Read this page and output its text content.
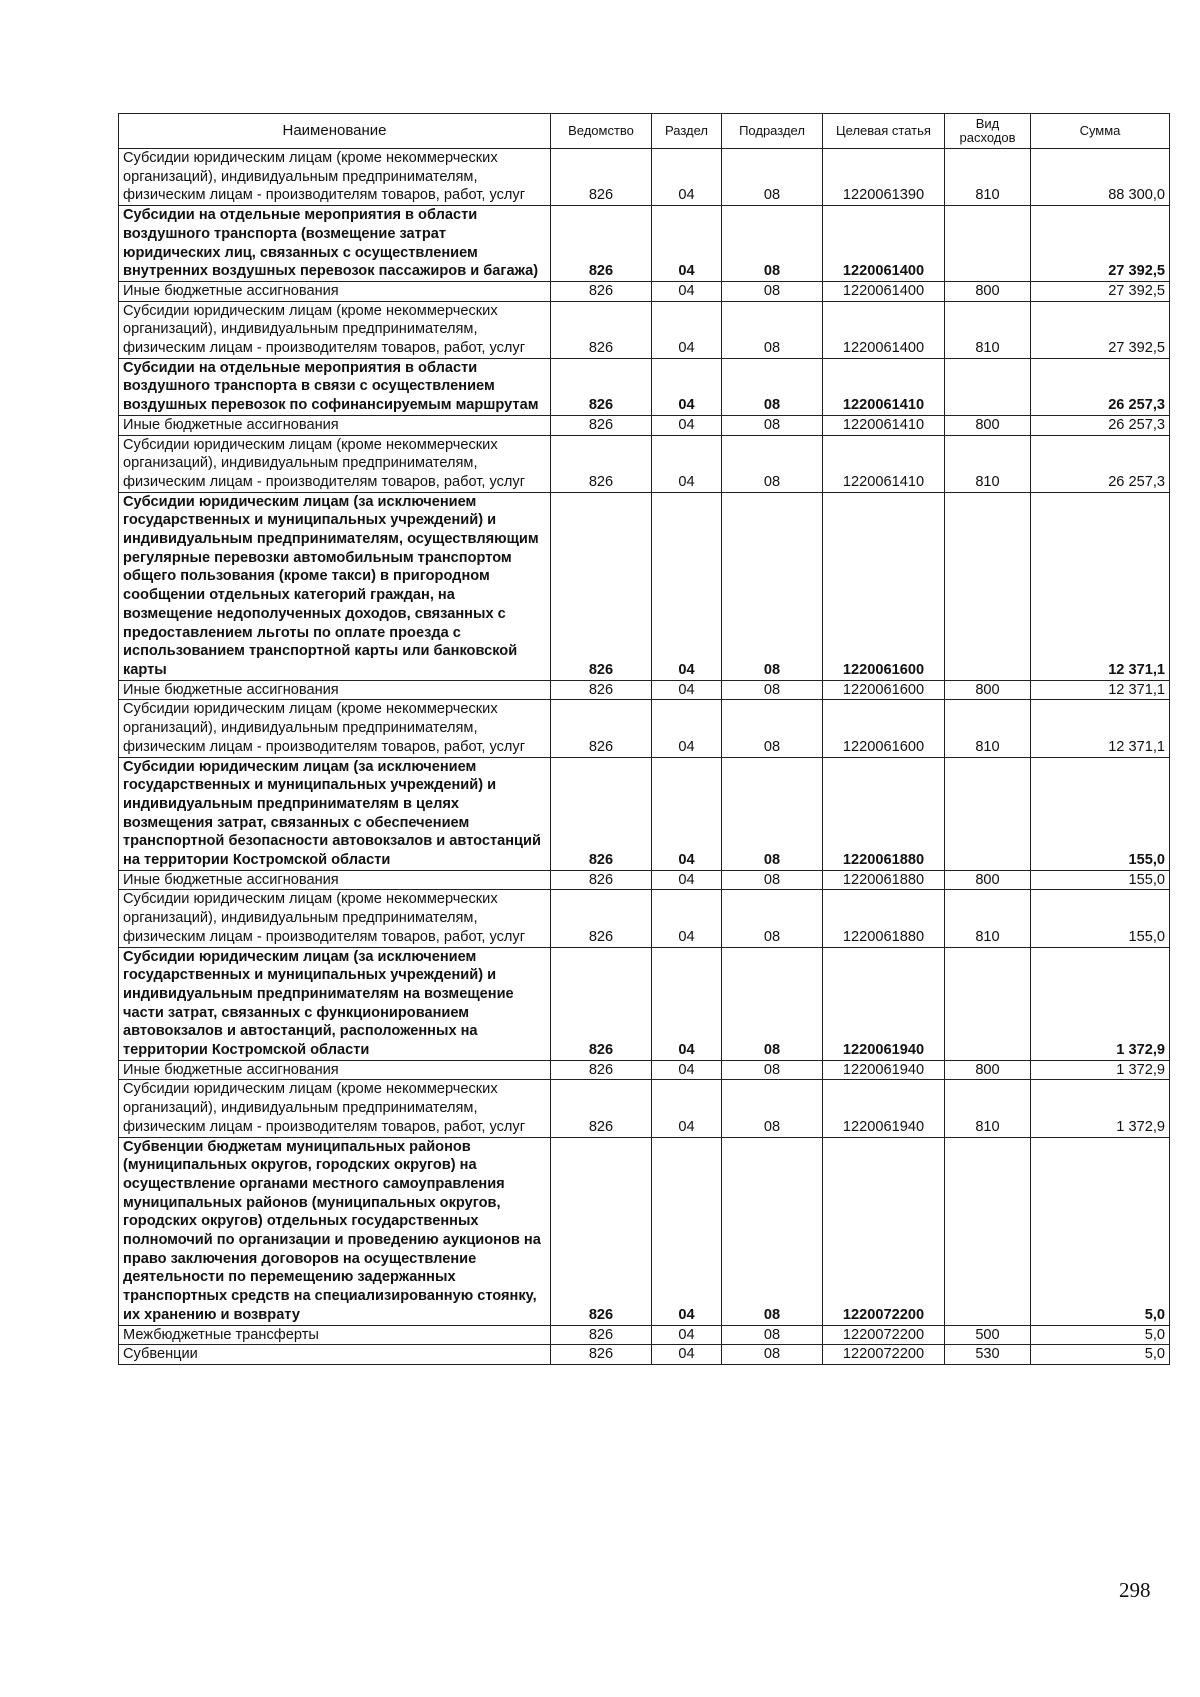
Наименование	Ведомство	Раздел	Подраздел	Целевая статья	Вид расходов	Сумма
Субсидии юридическим лицам (кроме некоммерческих организаций), индивидуальным предпринимателям, физическим лицам - производителям товаров, работ, услуг	826	04	08	1220061390	810	88 300,0
Субсидии на отдельные мероприятия в области воздушного транспорта (возмещение затрат юридических лиц, связанных с осуществлением внутренних воздушных перевозок пассажиров и багажа)	826	04	08	1220061400		27 392,5
Иные бюджетные ассигнования	826	04	08	1220061400	800	27 392,5
Субсидии юридическим лицам (кроме некоммерческих организаций), индивидуальным предпринимателям, физическим лицам - производителям товаров, работ, услуг	826	04	08	1220061400	810	27 392,5
Субсидии на отдельные мероприятия в области воздушного транспорта в связи с осуществлением воздушных перевозок по софинансируемым маршрутам	826	04	08	1220061410		26 257,3
Иные бюджетные ассигнования	826	04	08	1220061410	800	26 257,3
Субсидии юридическим лицам (кроме некоммерческих организаций), индивидуальным предпринимателям, физическим лицам - производителям товаров, работ, услуг	826	04	08	1220061410	810	26 257,3
Субсидии юридическим лицам (за исключением государственных и муниципальных учреждений) и индивидуальным предпринимателям, осуществляющим регулярные перевозки автомобильным транспортом общего пользования (кроме такси) в пригородном сообщении отдельных категорий граждан, на возмещение недополученных доходов, связанных с предоставлением льготы по оплате проезда с использованием транспортной карты или банковской карты	826	04	08	1220061600		12 371,1
Иные бюджетные ассигнования	826	04	08	1220061600	800	12 371,1
Субсидии юридическим лицам (кроме некоммерческих организаций), индивидуальным предпринимателям, физическим лицам - производителям товаров, работ, услуг	826	04	08	1220061600	810	12 371,1
Субсидии юридическим лицам (за исключением государственных и муниципальных учреждений) и индивидуальным предпринимателям в целях возмещения затрат, связанных с обеспечением транспортной безопасности автовокзалов и автостанций на территории Костромской области	826	04	08	1220061880		155,0
Иные бюджетные ассигнования	826	04	08	1220061880	800	155,0
Субсидии юридическим лицам (кроме некоммерческих организаций), индивидуальным предпринимателям, физическим лицам - производителям товаров, работ, услуг	826	04	08	1220061880	810	155,0
Субсидии юридическим лицам (за исключением государственных и муниципальных учреждений) и индивидуальным предпринимателям на возмещение части затрат, связанных с функционированием автовокзалов и автостанций, расположенных на территории Костромской области	826	04	08	1220061940		1 372,9
Иные бюджетные ассигнования	826	04	08	1220061940	800	1 372,9
Субсидии юридическим лицам (кроме некоммерческих организаций), индивидуальным предпринимателям, физическим лицам - производителям товаров, работ, услуг	826	04	08	1220061940	810	1 372,9
Субвенции бюджетам муниципальных районов (муниципальных округов, городских округов) на осуществление органами местного самоуправления муниципальных районов (муниципальных округов, городских округов) отдельных государственных полномочий по организации и проведению аукционов на право заключения договоров на осуществление деятельности по перемещению задержанных транспортных средств на специализированную стоянку, их хранению и возврату	826	04	08	1220072200		5,0
Межбюджетные трансферты	826	04	08	1220072200	500	5,0
Субвенции	826	04	08	1220072200	530	5,0
298
